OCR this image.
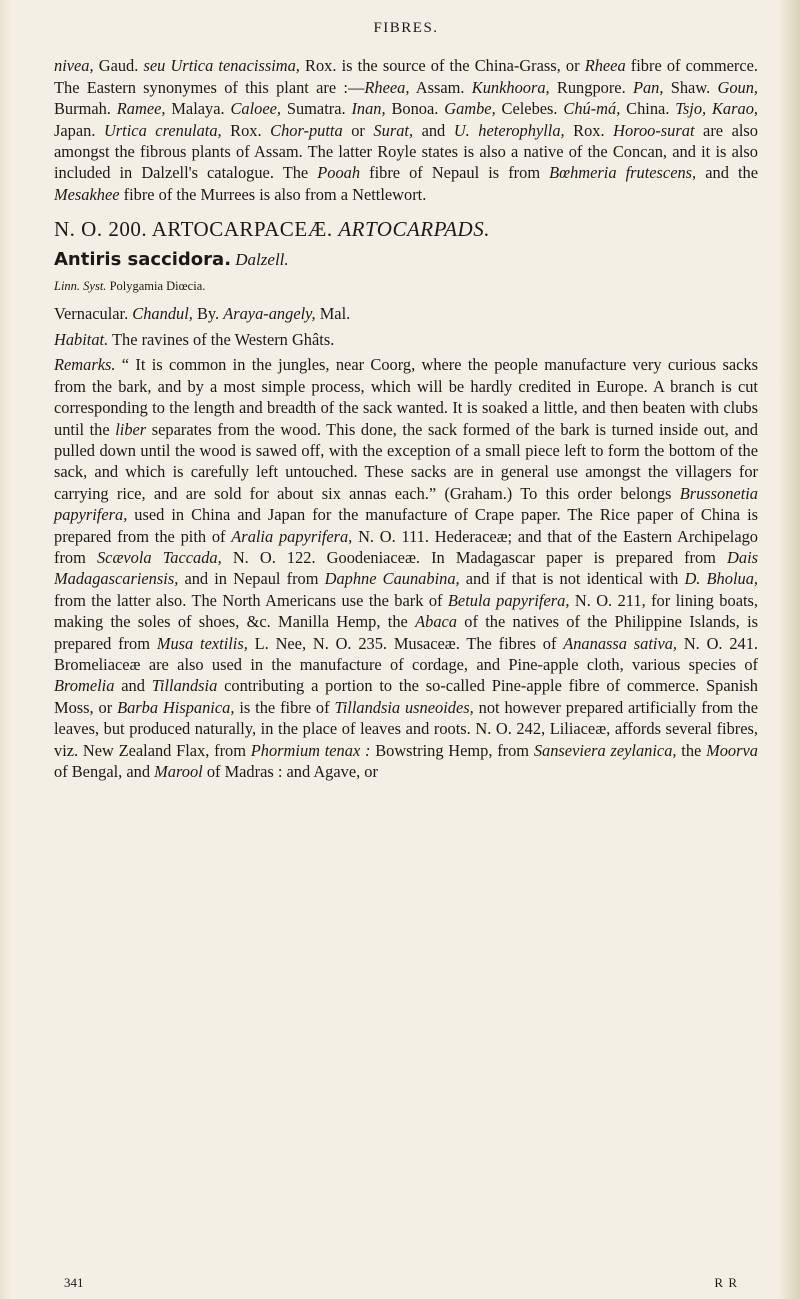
FIBRES.

nivea, Gaud. seu Urtica tenacissima, Rox. is the source of the China-Grass, or Rheea fibre of commerce. The Eastern synonymes of this plant are :—Rheea, Assam. Kunkhoora, Rungpore. Pan, Shaw. Goun, Burmah. Ramee, Malaya. Caloee, Sumatra. Inan, Bonoa. Gambe, Celebes. Chú-má, China. Tsjo, Karao, Japan. Urtica crenulata, Rox. Chor-putta or Surat, and U. heterophylla, Rox. Horoo-surat are also amongst the fibrous plants of Assam. The latter Royle states is also a native of the Concan, and it is also included in Dalzell's catalogue. The Pooah fibre of Nepaul is from Bœhmeria frutescens, and the Mesakhee fibre of the Murrees is also from a Nettlewort.

N. O. 200. ARTOCARPACEÆ. ARTOCARPADS.
Antiris saccidora. Dalzell.
Linn. Syst. Polygamia Diœcia.

Vernacular. Chandul, By. Araya-angely, Mal.

Habitat. The ravines of the Western Ghâts.

Remarks. “ It is common in the jungles, near Coorg, where the people manufacture very curious sacks from the bark, and by a most simple process, which will be hardly credited in Europe. A branch is cut corresponding to the length and breadth of the sack wanted. It is soaked a little, and then beaten with clubs until the liber separates from the wood. This done, the sack formed of the bark is turned inside out, and pulled down until the wood is sawed off, with the exception of a small piece left to form the bottom of the sack, and which is carefully left untouched. These sacks are in general use amongst the villagers for carrying rice, and are sold for about six annas each.” (Graham.) To this order belongs Brussonetia papyrifera, used in China and Japan for the manufacture of Crape paper. The Rice paper of China is prepared from the pith of Aralia papyrifera, N. O. 111. Hederaceæ; and that of the Eastern Archipelago from Scævola Taccada, N. O. 122. Goodeniaceæ. In Madagascar paper is prepared from Dais Madagascariensis, and in Nepaul from Daphne Caunabina, and if that is not identical with D. Bholua, from the latter also. The North Americans use the bark of Betula papyrifera, N. O. 211, for lining boats, making the soles of shoes, &c. Manilla Hemp, the Abaca of the natives of the Philippine Islands, is prepared from Musa textilis, L. Nee, N. O. 235. Musaceæ. The fibres of Ananassa sativa, N. O. 241. Bromeliaceæ are also used in the manufacture of cordage, and Pine-apple cloth, various species of Bromelia and Tillandsia contributing a portion to the so-called Pine-apple fibre of commerce. Spanish Moss, or Barba Hispanica, is the fibre of Tillandsia usneoides, not however prepared artificially from the leaves, but produced naturally, in the place of leaves and roots. N. O. 242, Liliaceæ, affords several fibres, viz. New Zealand Flax, from Phormium tenax : Bowstring Hemp, from Sanseviera zeylanica, the Moorva of Bengal, and Marool of Madras : and Agave, or

341	R R
